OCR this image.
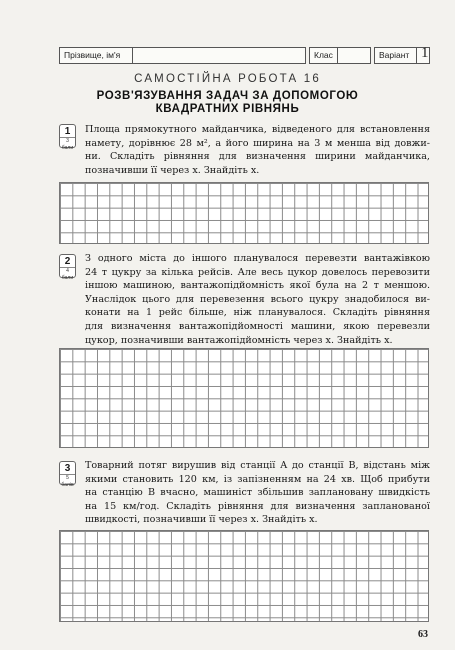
Прізвище, ім'я	Клас	Варіант 1
САМОСТІЙНА РОБОТА 16
РОЗВ'ЯЗУВАННЯ ЗАДАЧ ЗА ДОПОМОГОЮ
КВАДРАТНИХ РІВНЯНЬ
1
3 бали
Площа прямокутного майданчика, відведеного для встановлення
намету, дорівнює 28 м², а його ширина на 3 м менша від довжи-
ни. Складіть рівняння для визначення ширини майданчика,
позначивши її через x. Знайдіть x.
2
4 бали
З одного міста до іншого планувалося перевезти вантажівкою
24 т цукру за кілька рейсів. Але весь цукор довелось перевозити
іншою машиною, вантажопідйомність якої була на 2 т меншою.
Унаслідок цього для перевезення всього цукру знадобилося ви-
конати на 1 рейс більше, ніж планувалося. Складіть рівняння
для визначення вантажопідйомності машини, якою перевезли
цукор, позначивши вантажопідйомність через x. Знайдіть x.
3
5 балів
Товарний потяг вирушив від станції A до станції B, відстань між
якими становить 120 км, із запізненням на 24 хв. Щоб прибути
на станцію B вчасно, машиніст збільшив заплановану швидкість
на 15 км/год. Складіть рівняння для визначення запланованої
швидкості, позначивши її через x. Знайдіть x.
63
